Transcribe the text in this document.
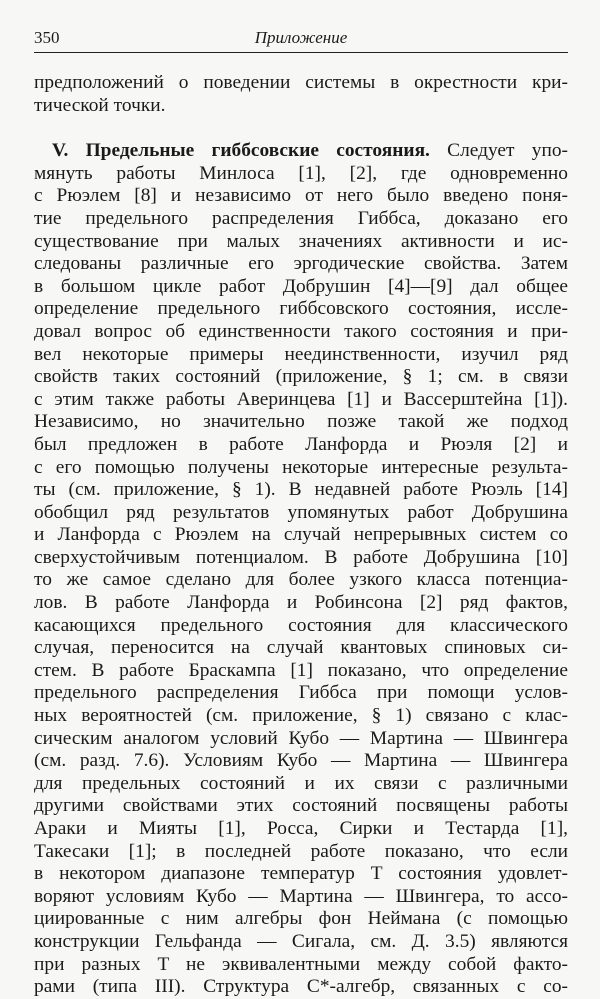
350	Приложение
предположений о поведении системы в окрестности кри-
тической точки.
V. Предельные гиббсовские состояния. Следует упо-
мянуть работы Минлоса [1], [2], где одновременно
с Рюэлем [8] и независимо от него было введено поня-
тие предельного распределения Гиббса, доказано его
существование при малых значениях активности и ис-
следованы различные его эргодические свойства. Затем
в большом цикле работ Добрушин [4]—[9] дал общее
определение предельного гиббсовского состояния, иссле-
довал вопрос об единственности такого состояния и при-
вел некоторые примеры неединственности, изучил ряд
свойств таких состояний (приложение, § 1; см. в связи
с этим также работы Аверинцева [1] и Вассерштейна [1]).
Независимо, но значительно позже такой же подход
был предложен в работе Ланфорда и Рюэля [2] и
с его помощью получены некоторые интересные результа-
ты (см. приложение, § 1). В недавней работе Рюэль [14]
обобщил ряд результатов упомянутых работ Добрушина
и Ланфорда с Рюэлем на случай непрерывных систем со
сверхустойчивым потенциалом. В работе Добрушина [10]
то же самое сделано для более узкого класса потенциа-
лов. В работе Ланфорда и Робинсона [2] ряд фактов,
касающихся предельного состояния для классического
случая, переносится на случай квантовых спиновых си-
стем. В работе Браскампа [1] показано, что определение
предельного распределения Гиббса при помощи услов-
ных вероятностей (см. приложение, § 1) связано с клас-
сическим аналогом условий Кубо — Мартина — Швингера
(см. разд. 7.6). Условиям Кубо — Мартина — Швингера
для предельных состояний и их связи с различными
другими свойствами этих состояний посвящены работы
Араки и Мияты [1], Росса, Сирки и Тестарда [1],
Такесаки [1]; в последней работе показано, что если
в некотором диапазоне температур T состояния удовлет-
воряют условиям Кубо — Мартина — Швингера, то ассо-
циированные с ним алгебры фон Неймана (с помощью
конструкции Гельфанда — Сигала, см. Д. 3.5) являются
при разных T не эквивалентными между собой факто-
рами (типа III). Структура C*-алгебр, связанных с со-
